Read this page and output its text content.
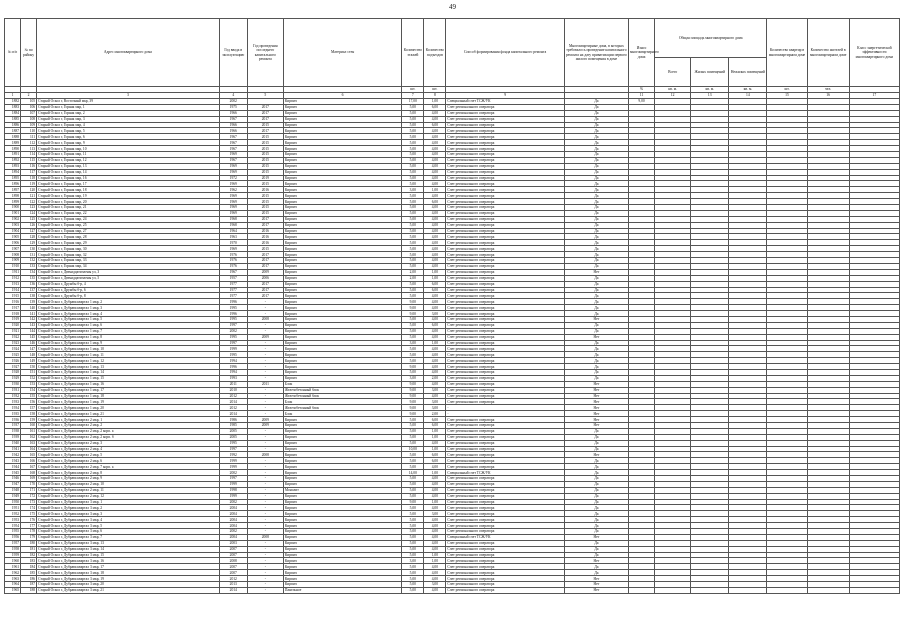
49
№ п/п	№ по району	Адрес многоквартирного дома	Год ввода в эксплуатацию	Год проведения последнего капитального ремонта	Материал стен	Количество этажей	Количество подъездов	Способ формирования фонда капитального ремонта	Многоквартирные дома, в которых требовалось проведение капитального ремонта на дату приватизации первого жилого помещения в доме	Износ многоквартирного дома	Общая площадь многоквартирного дома			Количество квартир в многоквартирном доме	Количество жителей в многоквартирном доме	Класс энергетической эффективности многоквартирного дома
											Всего	Жилых помещений	Нежилых помещений			
						шт.	шт.			%	кв. м.	кв. м.	кв. м.	шт.	чел.	
1	2	3	4	5	6	7	8	9		11	12	13	14	15	16	17
1882	105	Старый Оскол г, Восточный мкр, 39	2002		Кирпич	17,00	1,00	Специальный счет ТСЖ/УК	Да	9,00						
1883	106	Старый Оскол г, Горняк мкр, 1	1975	2017	Кирпич	5,00	6,00	Счет регионального оператора	Да							
1884	107	Старый Оскол г, Горняк мкр, 2	1966	2017	Кирпич	5,00	4,00	Счет регионального оператора	Да							
1885	108	Старый Оскол г, Горняк мкр, 3	1967	2017	Кирпич	5,00	4,00	Счет регионального оператора	Да							
1886	109	Старый Оскол г, Горняк мкр, 4	1966	2015	Кирпич	5,00	6,00	Счет регионального оператора	Да							
1887	110	Старый Оскол г, Горняк мкр, 5	1966	2017	Кирпич	5,00	4,00	Счет регионального оператора	Да							
1888	111	Старый Оскол г, Горняк мкр, 6	1967	2015	Кирпич	5,00	4,00	Счет регионального оператора	Да							
1889	112	Старый Оскол г, Горняк мкр, 9	1967	2015	Кирпич	5,00	4,00	Счет регионального оператора	Да							
1890	113	Старый Оскол г, Горняк мкр, 10	1967	2015	Кирпич	5,00	4,00	Счет регионального оператора	Да							
1891	114	Старый Оскол г, Горняк мкр, 11	1969	2015	Кирпич	5,00	4,00	Счет регионального оператора	Да							
1892	115	Старый Оскол г, Горняк мкр, 12	1967	2015	Кирпич	5,00	4,00	Счет регионального оператора	Да							
1893	116	Старый Оскол г, Горняк мкр, 13	1969	2015	Кирпич	5,00	4,00	Счет регионального оператора	Да							
1894	117	Старый Оскол г, Горняк мкр, 14	1969	2015	Кирпич	5,00	4,00	Счет регионального оператора	Да							
1895	118	Старый Оскол г, Горняк мкр, 16	1972	2019	Кирпич	5,00	4,00	Счет регионального оператора	Да							
1896	119	Старый Оскол г, Горняк мкр, 17	1969	2015	Кирпич	5,00	4,00	Счет регионального оператора	Да							
1897	120	Старый Оскол г, Горняк мкр, 18	1962	2016	Кирпич	3,00	1,00	Счет регионального оператора	Да							
1898	121	Старый Оскол г, Горняк мкр, 19	1969	2015	Кирпич	5,00	4,00	Счет регионального оператора	Да							
1899	122	Старый Оскол г, Горняк мкр, 20	1969	2015	Кирпич	5,00	6,00	Счет регионального оператора	Да							
1900	123	Старый Оскол г, Горняк мкр, 21	1969	2015	Кирпич	5,00	4,00	Счет регионального оператора	Да							
1901	124	Старый Оскол г, Горняк мкр, 22	1969	2015	Кирпич	5,00	4,00	Счет регионального оператора	Да							
1902	125	Старый Оскол г, Горняк мкр, 24	1968	2017	Кирпич	5,00	4,00	Счет регионального оператора	Да							
1903	126	Старый Оскол г, Горняк мкр, 25	1968	2017	Кирпич	5,00	4,00	Счет регионального оператора	Да							
1904	127	Старый Оскол г, Горняк мкр, 27	1964	2016	Кирпич	5,00	4,00	Счет регионального оператора	Да							
1905	128	Старый Оскол г, Горняк мкр, 28	1963	2016	Кирпич	5,00	4,00	Счет регионального оператора	Да							
1906	129	Старый Оскол г, Горняк мкр, 29	1970	2016	Кирпич	5,00	4,00	Счет регионального оператора	Да							
1907	130	Старый Оскол г, Горняк мкр, 30	1969	2015	Кирпич	5,00	4,00	Счет регионального оператора	Да							
1908	131	Старый Оскол г, Горняк мкр, 32	1976	2017	Кирпич	5,00	4,00	Счет регионального оператора	Да							
1909	132	Старый Оскол г, Горняк мкр, 33	1976	2017	Кирпич	5,00	4,00	Счет регионального оператора	Да							
1910	133	Старый Оскол г, Горняк мкр, 34	1976	2017	Кирпич	5,00	4,00	Счет регионального оператора	Да							
1911	134	Старый Оскол г, Двенадцатичлены ул, 3	1967	2009	Кирпич	2,00	1,00	Счет регионального оператора	Нет							
1912	135	Старый Оскол г, Двенадцатичлены ул, 5	1957	2006	Кирпич	2,00	1,00	Счет регионального оператора	Да							
1913	136	Старый Оскол г, Дружбы б-р, 4	1977	2017	Кирпич	5,00	6,00	Счет регионального оператора	Да							
1914	137	Старый Оскол г, Дружбы б-р, 6	1977	2017	Кирпич	5,00	6,00	Счет регионального оператора	Да							
1915	138	Старый Оскол г, Дружбы б-р, 8	1977	2017	Кирпич	5,00	4,00	Счет регионального оператора	Да							
1916	139	Старый Оскол г, Дубрава квартал 1 мкр, 2	1996	-	Кирпич	9,00	4,00	Счет регионального оператора	Да							
1917	140	Старый Оскол г, Дубрава квартал 1 мкр, 3	1995	-	Кирпич	9,00	4,00	Счет регионального оператора	Да							
1918	141	Старый Оскол г, Дубрава квартал 1 мкр, 4	1996	-	Кирпич	9,00	3,00	Счет регионального оператора	Да							
1919	142	Старый Оскол г, Дубрава квартал 1 мкр, 5	1995	2008	Кирпич	5,00	4,00	Счет регионального оператора	Нет							
1920	143	Старый Оскол г, Дубрава квартал 1 мкр, 6	1997	-	Кирпич	5,00	6,00	Счет регионального оператора	Да							
1921	144	Старый Оскол г, Дубрава квартал 1 мкр, 7	2002	-	Кирпич	5,00	4,00	Счет регионального оператора	Да							
1922	145	Старый Оскол г, Дубрава квартал 1 мкр, 8	1995	2009	Кирпич	5,00	4,00	Счет регионального оператора	Нет							
1923	146	Старый Оскол г, Дубрава квартал 1 мкр, 9	1997	-	Кирпич	3,00	1,00	Счет регионального оператора	Да							
1924	147	Старый Оскол г, Дубрава квартал 1 мкр, 10	1999	-	Кирпич	5,00	4,00	Счет регионального оператора	Да							
1925	148	Старый Оскол г, Дубрава квартал 1 мкр, 11	1995	-	Кирпич	5,00	4,00	Счет регионального оператора	Да							
1926	149	Старый Оскол г, Дубрава квартал 1 мкр, 12	1994	-	Кирпич	5,00	4,00	Счет регионального оператора	Да							
1927	150	Старый Оскол г, Дубрава квартал 1 мкр, 13	1996	-	Кирпич	9,00	4,00	Счет регионального оператора	Да							
1928	151	Старый Оскол г, Дубрава квартал 1 мкр, 14	1994	-	Кирпич	5,00	4,00	Счет регионального оператора	Да							
1929	152	Старый Оскол г, Дубрава квартал 1 мкр, 15	1993	-	Кирпич	3,00	2,00	Счет регионального оператора	Да							
1930	153	Старый Оскол г, Дубрава квартал 1 мкр, 16	2011	2011	Блок	9,00	4,00	Счет регионального оператора	Нет							
1931	154	Старый Оскол г, Дубрава квартал 1 мкр, 17	2010	-	Железобетонный блок	9,00	3,00	Счет регионального оператора	Нет							
1932	155	Старый Оскол г, Дубрава квартал 1 мкр, 18	2012	-	Железобетонный блок	9,00	4,00	Счет регионального оператора	Нет							
1933	156	Старый Оскол г, Дубрава квартал 1 мкр, 19	2014	-	Блок	9,00	3,00	Счет регионального оператора	Нет							
1934	157	Старый Оскол г, Дубрава квартал 1 мкр, 20	2012	-	Железобетонный блок	9,00	3,00	-	Нет							
1935	158	Старый Оскол г, Дубрава квартал 1 мкр, 21	2014	-	Блок	9,00	2,00	-	Нет							
1936	159	Старый Оскол г, Дубрава квартал 2 мкр, 1	1986	2009	Кирпич	5,00	6,00	Счет регионального оператора	Нет							
1937	160	Старый Оскол г, Дубрава квартал 2 мкр, 2	1985	2009	Кирпич	5,00	6,00	Счет регионального оператора	Нет							
1938	161	Старый Оскол г, Дубрава квартал 2 мкр, 2 корп. а	2005	-	Кирпич	5,00	1,00	Счет регионального оператора	Да							
1939	162	Старый Оскол г, Дубрава квартал 2 мкр, 2 корп. б	2005	-	Кирпич	5,00	1,00	Счет регионального оператора	Да							
1940	163	Старый Оскол г, Дубрава квартал 2 мкр, 3	1995	-	Кирпич	5,00	4,00	Счет регионального оператора	Да							
1941	164	Старый Оскол г, Дубрава квартал 2 мкр, 4	1997	-	Кирпич	10,00	1,00	Счет регионального оператора	Да							
1942	165	Старый Оскол г, Дубрава квартал 2 мкр, 5	1992	2008	Кирпич	5,00	6,00	Счет регионального оператора	Нет							
1943	166	Старый Оскол г, Дубрава квартал 2 мкр, 6	1999	-	Кирпич	5,00	6,00	Счет регионального оператора	Да							
1944	167	Старый Оскол г, Дубрава квартал 2 мкр, 7 корп. а	1999	-	Кирпич	5,00	4,00	Счет регионального оператора	Да							
1945	168	Старый Оскол г, Дубрава квартал 2 мкр, 8	2002	-	Кирпич	14,00	1,00	Специальный счет ТСЖ/УК	Да							
1946	169	Старый Оскол г, Дубрава квартал 2 мкр, 9	1997	-	Кирпич	5,00	4,00	Счет регионального оператора	Да							
1947	170	Старый Оскол г, Дубрава квартал 2 мкр, 10	1999	-	Кирпич	5,00	4,00	Счет регионального оператора	Да							
1948	171	Старый Оскол г, Дубрава квартал 2 мкр, 11	1998	-	Монолит	5,00	4,00	Счет регионального оператора	Да							
1949	172	Старый Оскол г, Дубрава квартал 2 мкр, 12	1999	-	Кирпич	5,00	4,00	Счет регионального оператора	Да							
1950	173	Старый Оскол г, Дубрава квартал 3 мкр, 1	2002	-	Кирпич	9,00	1,00	Счет регионального оператора	Да							
1951	174	Старый Оскол г, Дубрава квартал 3 мкр, 2	2004	-	Кирпич	5,00	4,00	Счет регионального оператора	Да							
1952	175	Старый Оскол г, Дубрава квартал 3 мкр, 3	2004	-	Кирпич	5,00	3,00	Счет регионального оператора	Да							
1953	176	Старый Оскол г, Дубрава квартал 3 мкр, 4	2004	-	Кирпич	5,00	4,00	Счет регионального оператора	Да							
1954	177	Старый Оскол г, Дубрава квартал 3 мкр, 5	2004	-	Кирпич	5,00	4,00	Счет регионального оператора	Да							
1955	178	Старый Оскол г, Дубрава квартал 3 мкр, 6	2002	-	Кирпич	5,00	4,00	Счет регионального оператора	Да							
1956	179	Старый Оскол г, Дубрава квартал 3 мкр, 7	2004	2008	Кирпич	5,00	4,00	Специальный счет ТСЖ/УК	Нет							
1957	180	Старый Оскол г, Дубрава квартал 3 мкр, 13	2003	-	Кирпич	5,00	4,00	Счет регионального оператора	Да							
1958	181	Старый Оскол г, Дубрава квартал 3 мкр, 14	2007	-	Кирпич	5,00	4,00	Счет регионального оператора	Да							
1959	182	Старый Оскол г, Дубрава квартал 3 мкр, 15	2007	-	Кирпич	5,00	1,00	Счет регионального оператора	Да							
1960	183	Старый Оскол г, Дубрава квартал 3 мкр, 16	2008	-	Кирпич	3,00	1,00	Счет регионального оператора	Нет							
1961	184	Старый Оскол г, Дубрава квартал 3 мкр, 17	2007	-	Кирпич	5,00	4,00	Счет регионального оператора	Да							
1962	185	Старый Оскол г, Дубрава квартал 3 мкр, 18	2007	-	Кирпич	5,00	4,00	Счет регионального оператора	Да							
1963	186	Старый Оскол г, Дубрава квартал 3 мкр, 19	2012	-	Кирпич	5,00	4,00	Счет регионального оператора	Нет							
1964	187	Старый Оскол г, Дубрава квартал 3 мкр, 20	2013	-	Кирпич	5,00	3,00	Счет регионального оператора	Нет							
1965	188	Старый Оскол г, Дубрава квартал 3 мкр, 21	2014	-	Панельное	5,00	4,00	Счет регионального оператора	Нет							
